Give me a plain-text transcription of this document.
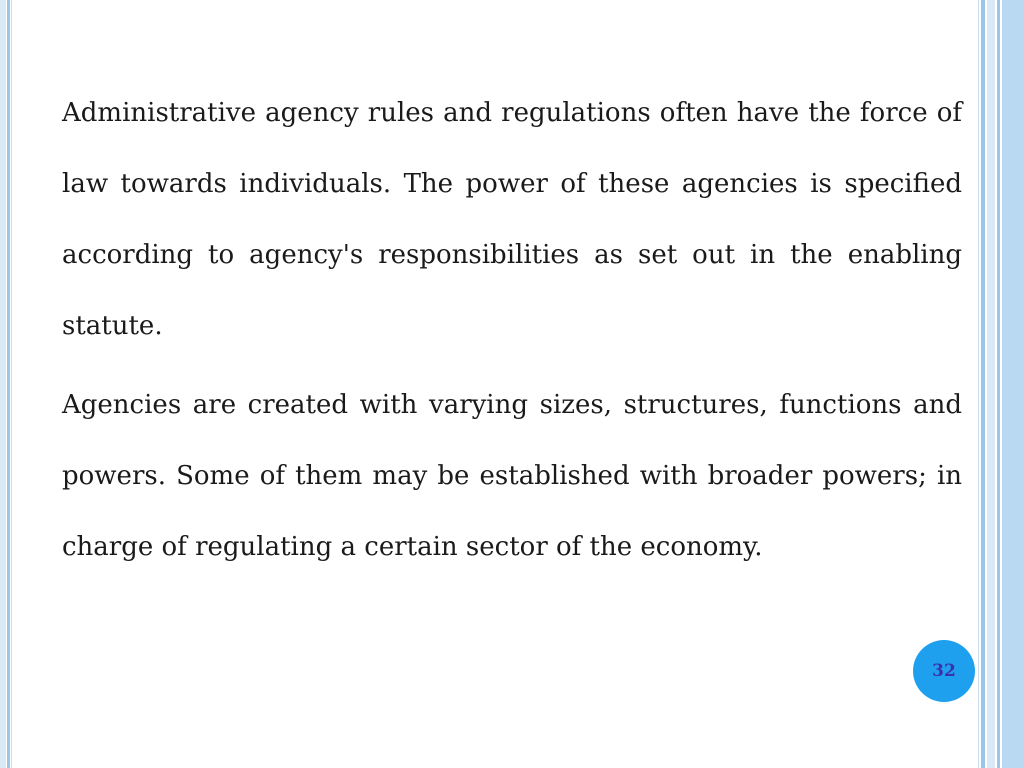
Administrative agency rules and regulations often have the force of law towards individuals. The power of these agencies is specified according to agency's responsibilities as set out in the enabling statute.

Agencies are created with varying sizes, structures, functions and powers. Some of them may be established with broader powers; in charge of regulating a certain sector of the economy.

32
